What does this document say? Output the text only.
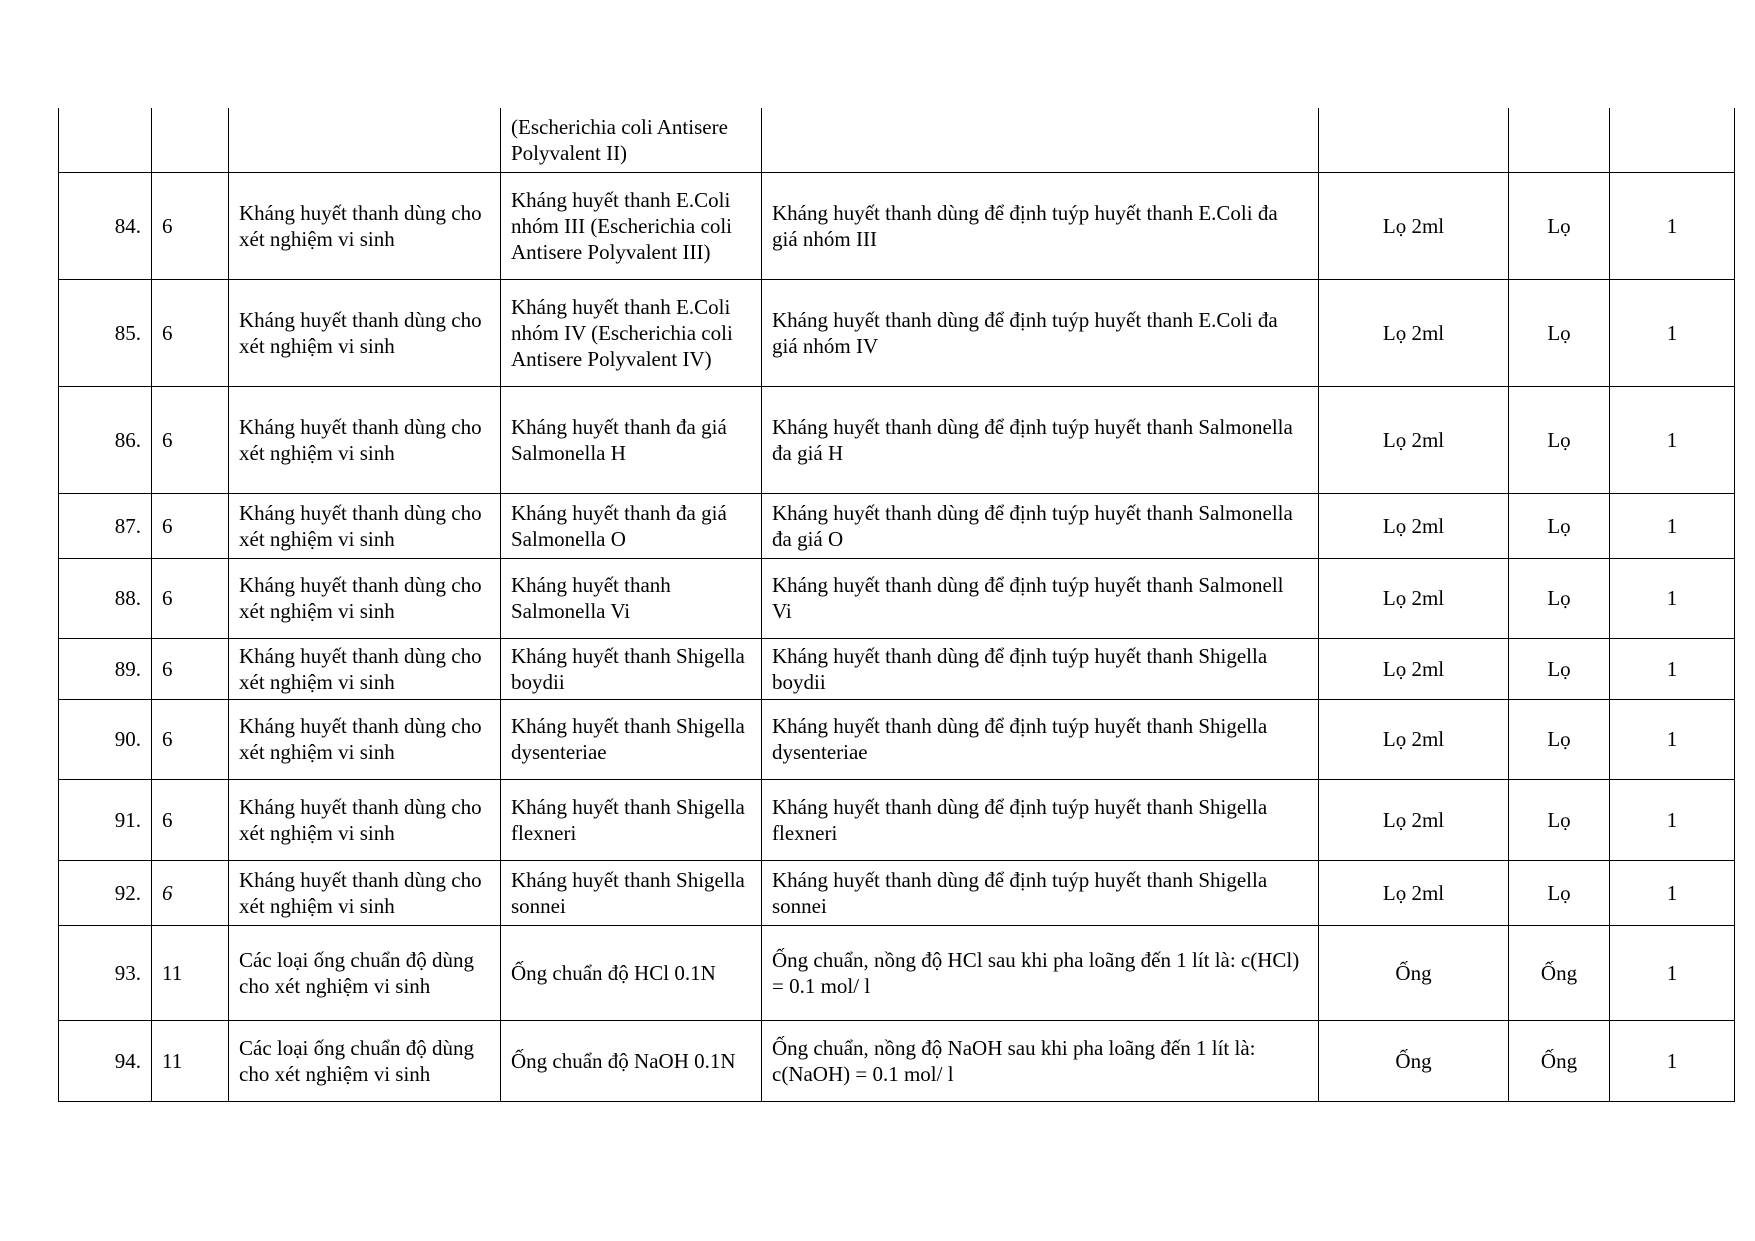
			(Escherichia coli Antisere Polyvalent II)				
84.	6	Kháng huyết thanh dùng cho xét nghiệm vi sinh	Kháng huyết thanh E.Coli nhóm III (Escherichia coli Antisere Polyvalent III)	Kháng huyết thanh dùng để định tuýp huyết thanh E.Coli đa giá nhóm III	Lọ 2ml	Lọ	1
85.	6	Kháng huyết thanh dùng cho xét nghiệm vi sinh	Kháng huyết thanh E.Coli nhóm IV (Escherichia coli Antisere Polyvalent IV)	Kháng huyết thanh dùng để định tuýp huyết thanh E.Coli đa giá nhóm IV	Lọ 2ml	Lọ	1
86.	6	Kháng huyết thanh dùng cho xét nghiệm vi sinh	Kháng huyết thanh đa giá Salmonella H	Kháng huyết thanh dùng để định tuýp huyết thanh Salmonella đa giá H	Lọ 2ml	Lọ	1
87.	6	Kháng huyết thanh dùng cho xét nghiệm vi sinh	Kháng huyết thanh đa giá Salmonella O	Kháng huyết thanh dùng để định tuýp huyết thanh Salmonella đa giá O	Lọ 2ml	Lọ	1
88.	6	Kháng huyết thanh dùng cho xét nghiệm vi sinh	Kháng huyết thanh Salmonella Vi	Kháng huyết thanh dùng để định tuýp huyết thanh Salmonell Vi	Lọ 2ml	Lọ	1
89.	6	Kháng huyết thanh dùng cho xét nghiệm vi sinh	Kháng huyết thanh Shigella boydii	Kháng huyết thanh dùng để định tuýp huyết thanh Shigella boydii	Lọ 2ml	Lọ	1
90.	6	Kháng huyết thanh dùng cho xét nghiệm vi sinh	Kháng huyết thanh Shigella dysenteriae	Kháng huyết thanh dùng để định tuýp huyết thanh Shigella dysenteriae	Lọ 2ml	Lọ	1
91.	6	Kháng huyết thanh dùng cho xét nghiệm vi sinh	Kháng huyết thanh Shigella flexneri	Kháng huyết thanh dùng để định tuýp huyết thanh Shigella flexneri	Lọ 2ml	Lọ	1
92.	6	Kháng huyết thanh dùng cho xét nghiệm vi sinh	Kháng huyết thanh Shigella sonnei	Kháng huyết thanh dùng để định tuýp huyết thanh Shigella sonnei	Lọ 2ml	Lọ	1
93.	11	Các loại ống chuẩn độ dùng cho xét nghiệm vi sinh	Ống chuẩn độ HCl 0.1N	Ống chuẩn, nồng độ HCl sau khi pha loãng đến 1 lít là: c(HCl) = 0.1 mol/ l	Ống	Ống	1
94.	11	Các loại ống chuẩn độ dùng cho xét nghiệm vi sinh	Ống chuẩn độ NaOH 0.1N	Ống chuẩn, nồng độ NaOH sau khi pha loãng đến 1 lít là: c(NaOH) = 0.1 mol/ l	Ống	Ống	1
